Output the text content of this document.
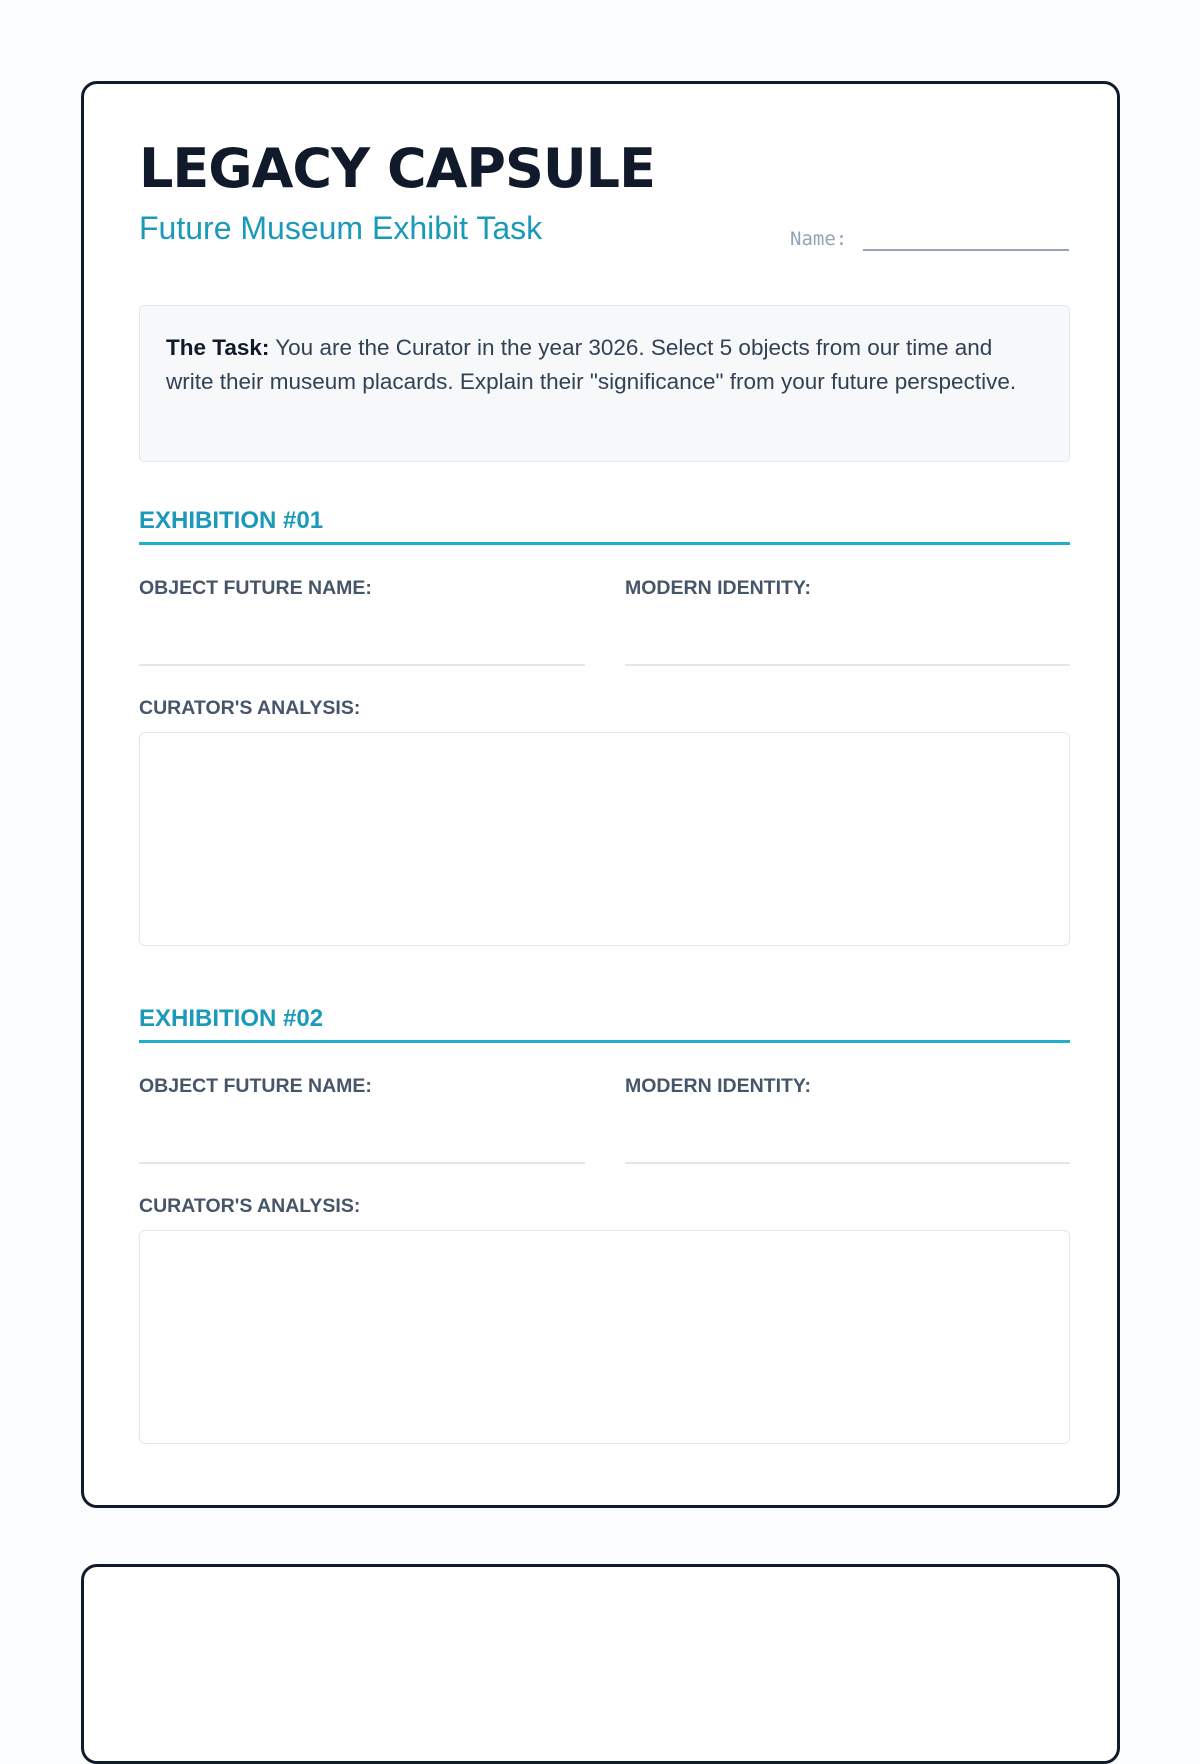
LEGACY CAPSULE
Future Museum Exhibit Task	Name:
The Task: You are the Curator in the year 3026. Select 5 objects from our time and write their museum placards. Explain their "significance" from your future perspective.
EXHIBITION #01
OBJECT FUTURE NAME:	MODERN IDENTITY:
CURATOR'S ANALYSIS:
EXHIBITION #02
OBJECT FUTURE NAME:	MODERN IDENTITY:
CURATOR'S ANALYSIS:
